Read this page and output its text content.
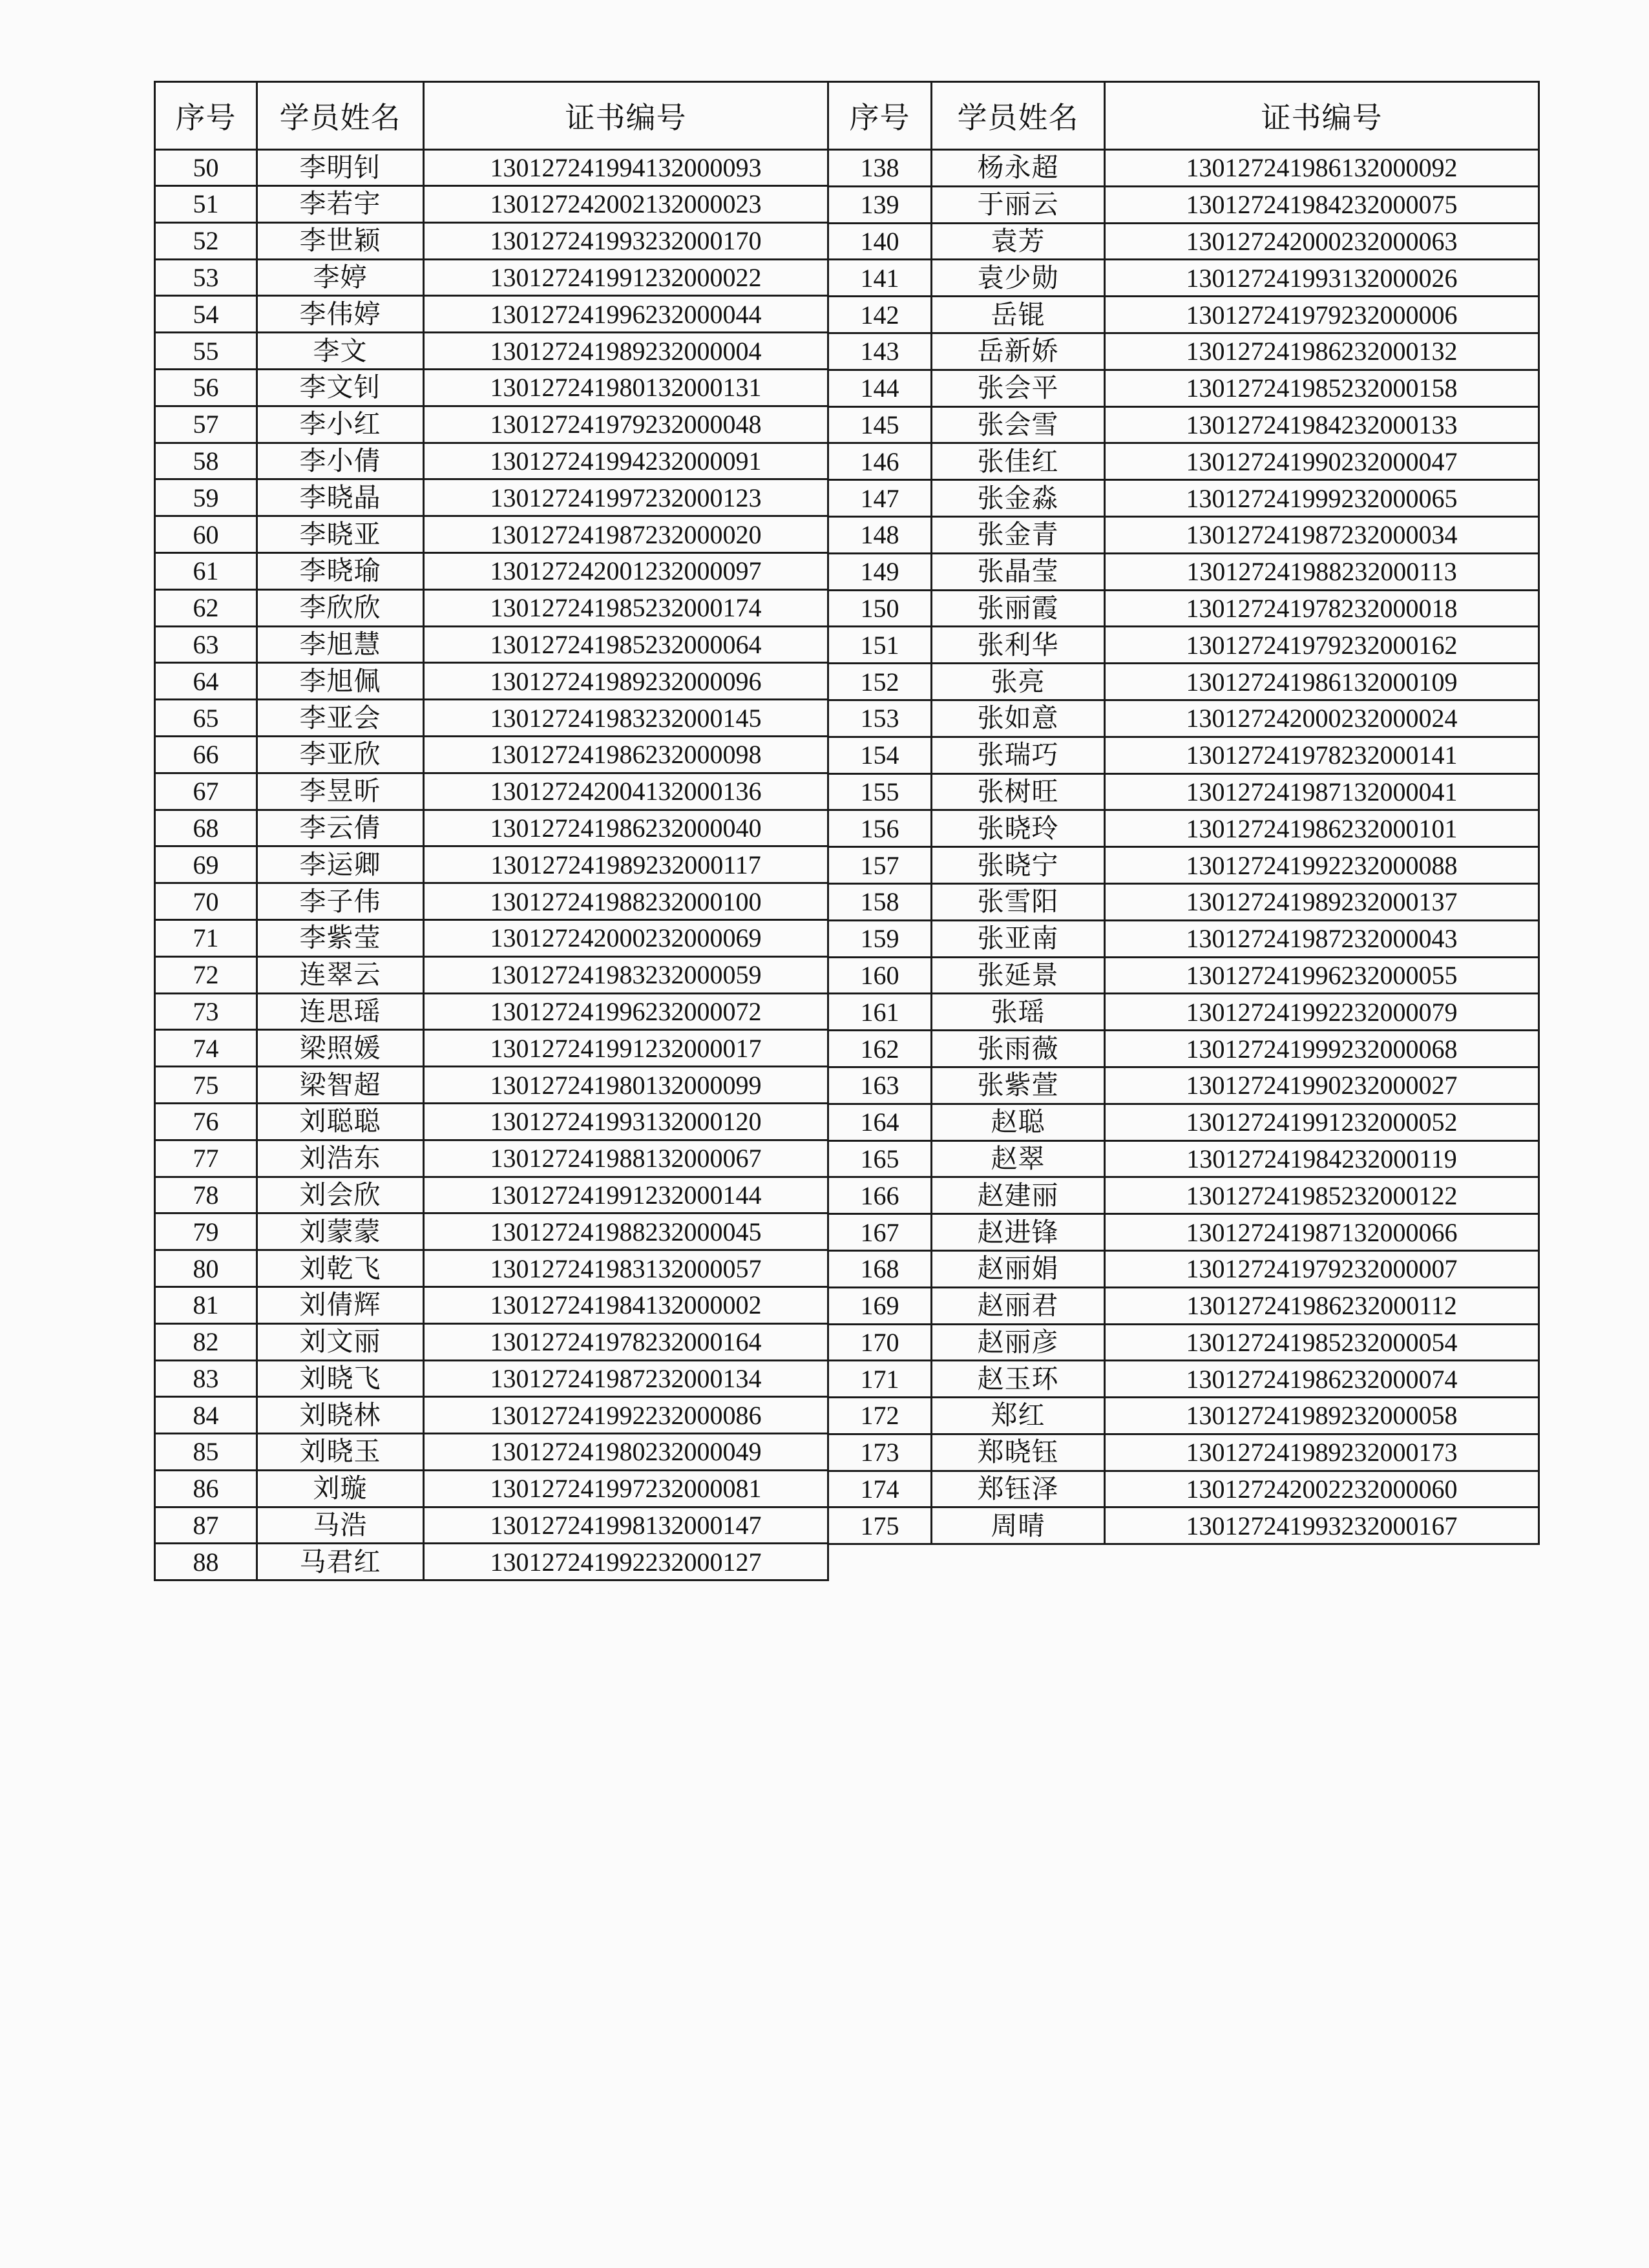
序号	学员姓名	证书编号
50	李明钊	130127241994132000093
51	李若宇	130127242002132000023
52	李世颖	130127241993232000170
53	李婷	130127241991232000022
54	李伟婷	130127241996232000044
55	李文	130127241989232000004
56	李文钊	130127241980132000131
57	李小红	130127241979232000048
58	李小倩	130127241994232000091
59	李晓晶	130127241997232000123
60	李晓亚	130127241987232000020
61	李晓瑜	130127242001232000097
62	李欣欣	130127241985232000174
63	李旭慧	130127241985232000064
64	李旭佩	130127241989232000096
65	李亚会	130127241983232000145
66	李亚欣	130127241986232000098
67	李昱昕	130127242004132000136
68	李云倩	130127241986232000040
69	李运卿	130127241989232000117
70	李子伟	130127241988232000100
71	李紫莹	130127242000232000069
72	连翠云	130127241983232000059
73	连思瑶	130127241996232000072
74	梁照媛	130127241991232000017
75	梁智超	130127241980132000099
76	刘聪聪	130127241993132000120
77	刘浩东	130127241988132000067
78	刘会欣	130127241991232000144
79	刘蒙蒙	130127241988232000045
80	刘乾飞	130127241983132000057
81	刘倩辉	130127241984132000002
82	刘文丽	130127241978232000164
83	刘晓飞	130127241987232000134
84	刘晓林	130127241992232000086
85	刘晓玉	130127241980232000049
86	刘璇	130127241997232000081
87	马浩	130127241998132000147
88	马君红	130127241992232000127
序号	学员姓名	证书编号
138	杨永超	130127241986132000092
139	于丽云	130127241984232000075
140	袁芳	130127242000232000063
141	袁少勋	130127241993132000026
142	岳锟	130127241979232000006
143	岳新娇	130127241986232000132
144	张会平	130127241985232000158
145	张会雪	130127241984232000133
146	张佳红	130127241990232000047
147	张金淼	130127241999232000065
148	张金青	130127241987232000034
149	张晶莹	130127241988232000113
150	张丽霞	130127241978232000018
151	张利华	130127241979232000162
152	张亮	130127241986132000109
153	张如意	130127242000232000024
154	张瑞巧	130127241978232000141
155	张树旺	130127241987132000041
156	张晓玲	130127241986232000101
157	张晓宁	130127241992232000088
158	张雪阳	130127241989232000137
159	张亚南	130127241987232000043
160	张延景	130127241996232000055
161	张瑶	130127241992232000079
162	张雨薇	130127241999232000068
163	张紫萱	130127241990232000027
164	赵聪	130127241991232000052
165	赵翠	130127241984232000119
166	赵建丽	130127241985232000122
167	赵进锋	130127241987132000066
168	赵丽娟	130127241979232000007
169	赵丽君	130127241986232000112
170	赵丽彦	130127241985232000054
171	赵玉环	130127241986232000074
172	郑红	130127241989232000058
173	郑晓钰	130127241989232000173
174	郑钰泽	130127242002232000060
175	周晴	130127241993232000167
